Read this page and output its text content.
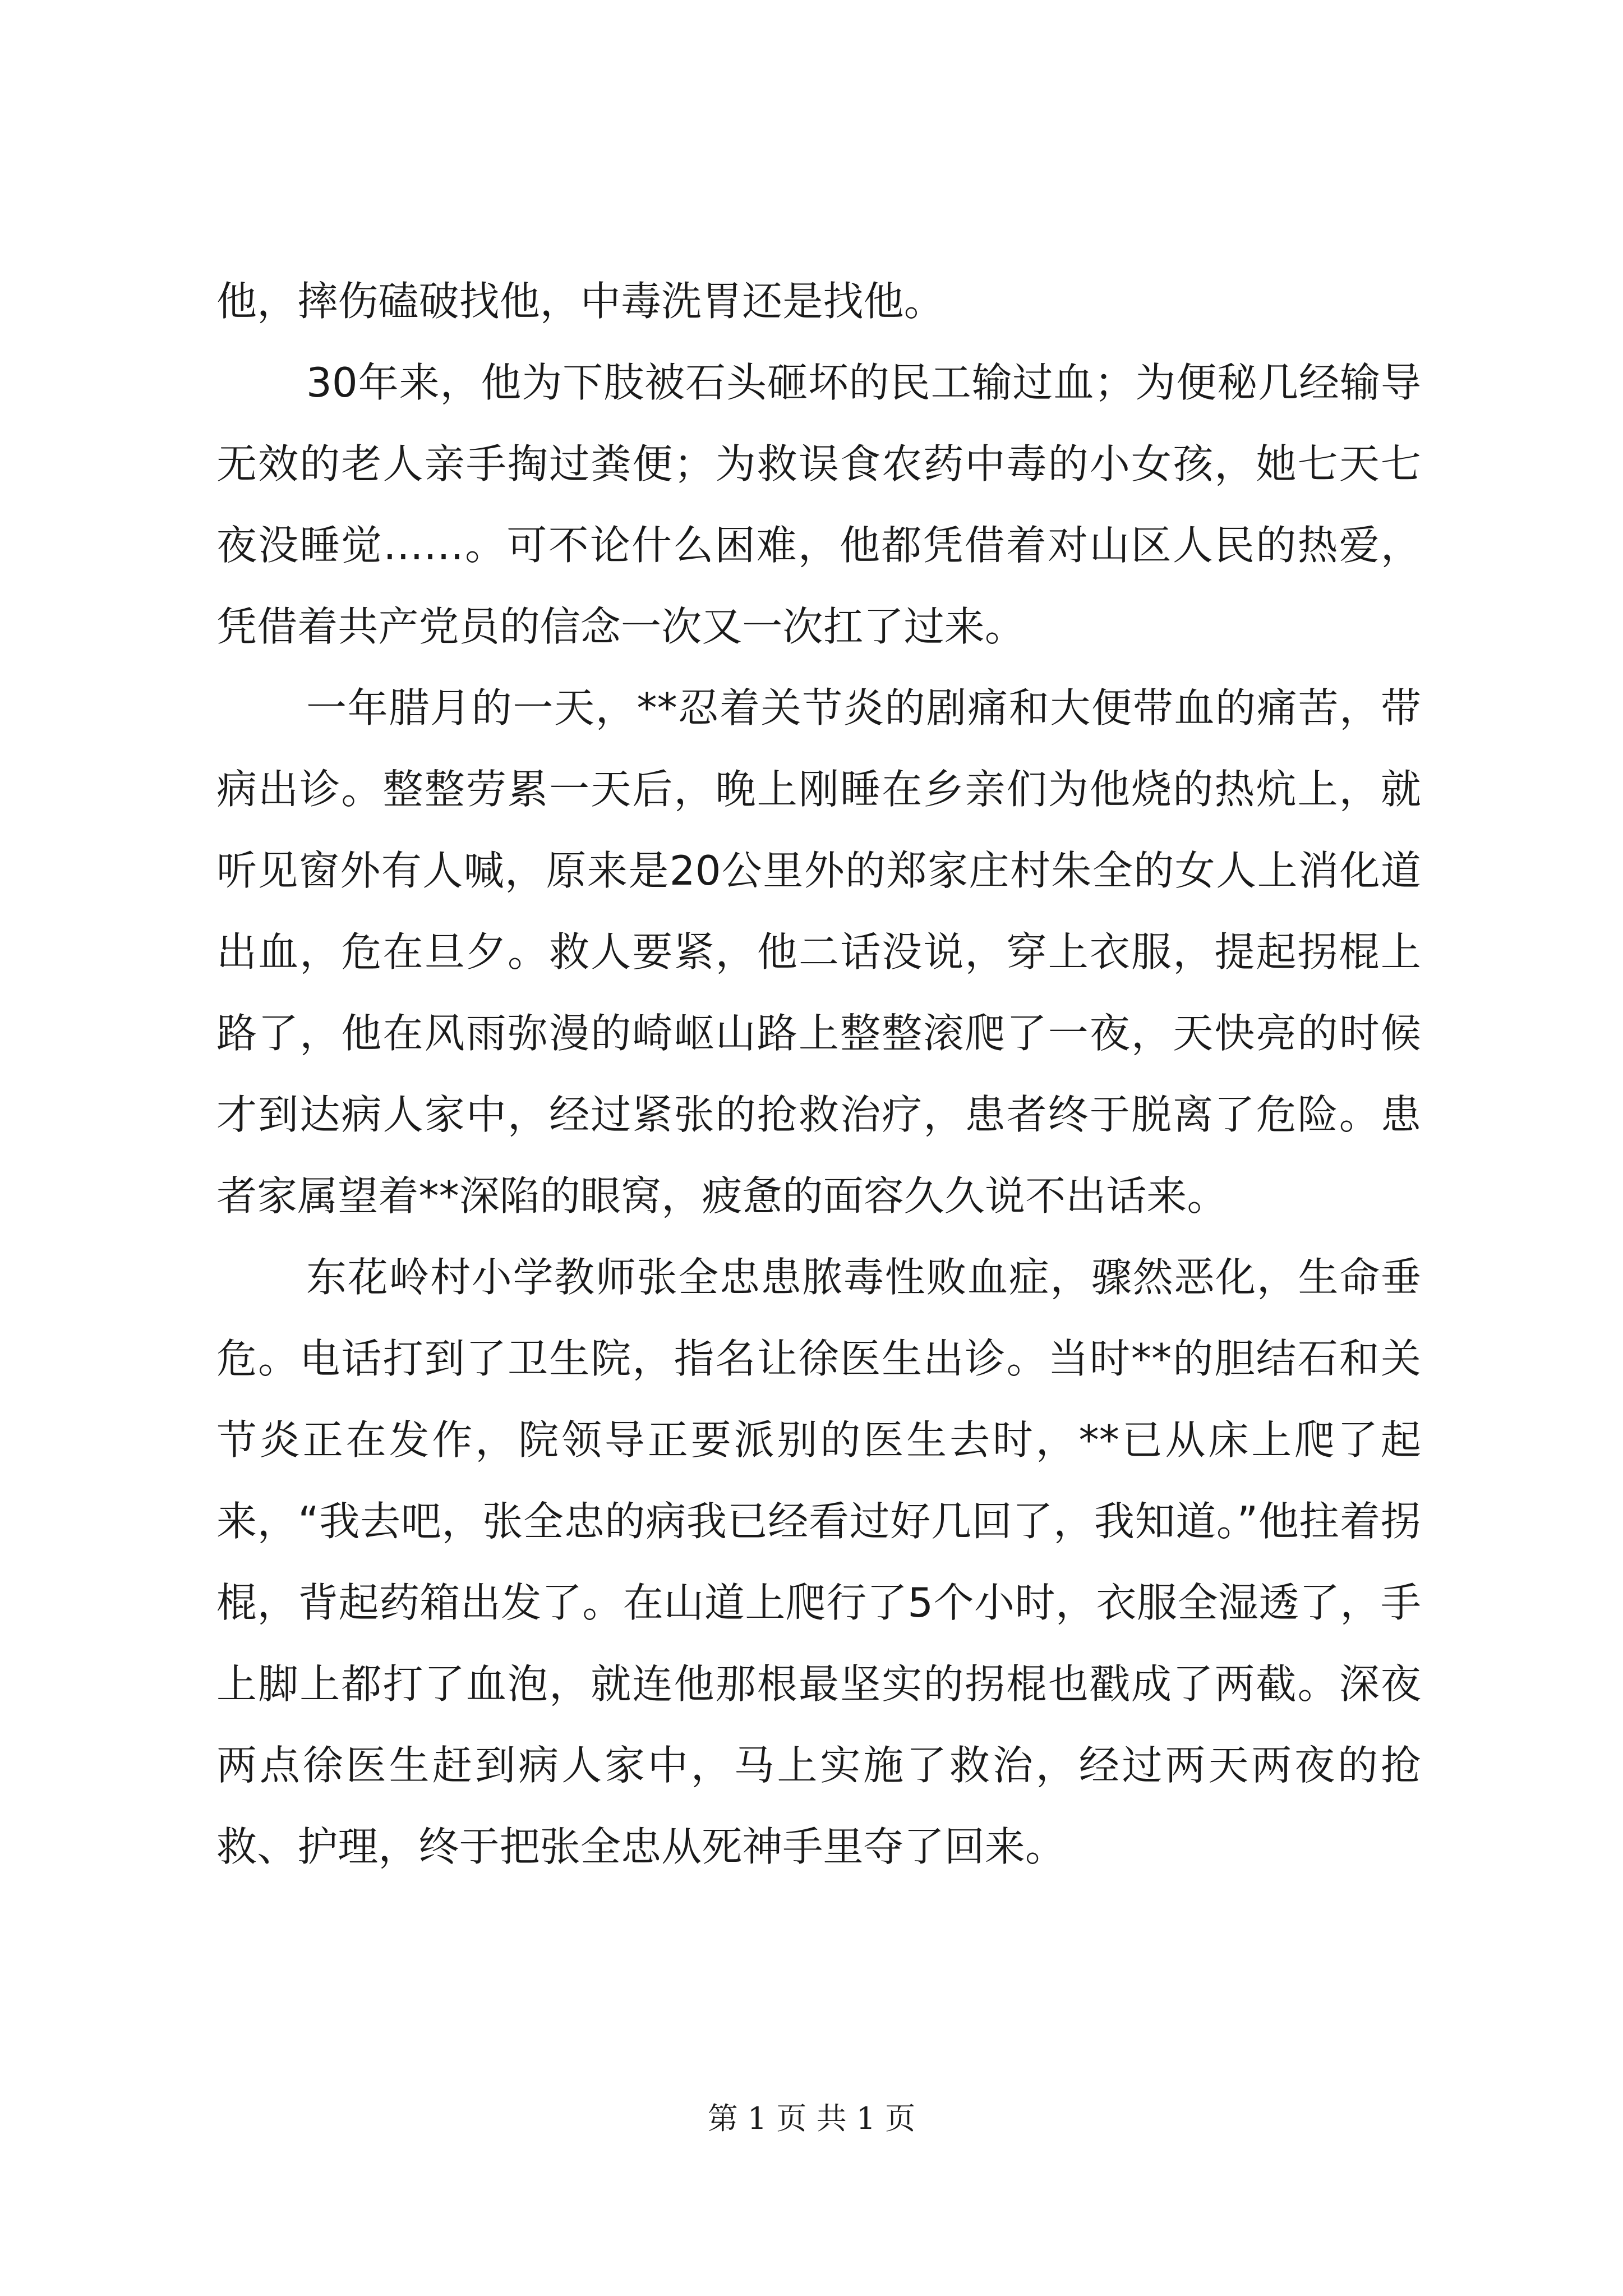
他，摔伤磕破找他，中毒洗胃还是找他。

30年来，他为下肢被石头砸坏的民工输过血；为便秘几经输导无效的老人亲手掏过粪便；为救误食农药中毒的小女孩，她七天七夜没睡觉……。可不论什么困难，他都凭借着对山区人民的热爱，凭借着共产党员的信念一次又一次扛了过来。

一年腊月的一天，**忍着关节炎的剧痛和大便带血的痛苦，带病出诊。整整劳累一天后，晚上刚睡在乡亲们为他烧的热炕上，就听见窗外有人喊，原来是20公里外的郑家庄村朱全的女人上消化道出血，危在旦夕。救人要紧，他二话没说，穿上衣服，提起拐棍上路了，他在风雨弥漫的崎岖山路上整整滚爬了一夜，天快亮的时候才到达病人家中，经过紧张的抢救治疗，患者终于脱离了危险。患者家属望着**深陷的眼窝，疲惫的面容久久说不出话来。

东花岭村小学教师张全忠患脓毒性败血症，骤然恶化，生命垂危。电话打到了卫生院，指名让徐医生出诊。当时**的胆结石和关节炎正在发作，院领导正要派别的医生去时，**已从床上爬了起来，“我去吧，张全忠的病我已经看过好几回了，我知道。”他拄着拐棍，背起药箱出发了。在山道上爬行了5个小时，衣服全湿透了，手上脚上都打了血泡，就连他那根最坚实的拐棍也戳成了两截。深夜两点徐医生赶到病人家中，马上实施了救治，经过两天两夜的抢救、护理，终于把张全忠从死神手里夺了回来。

第 1 页 共 1 页
